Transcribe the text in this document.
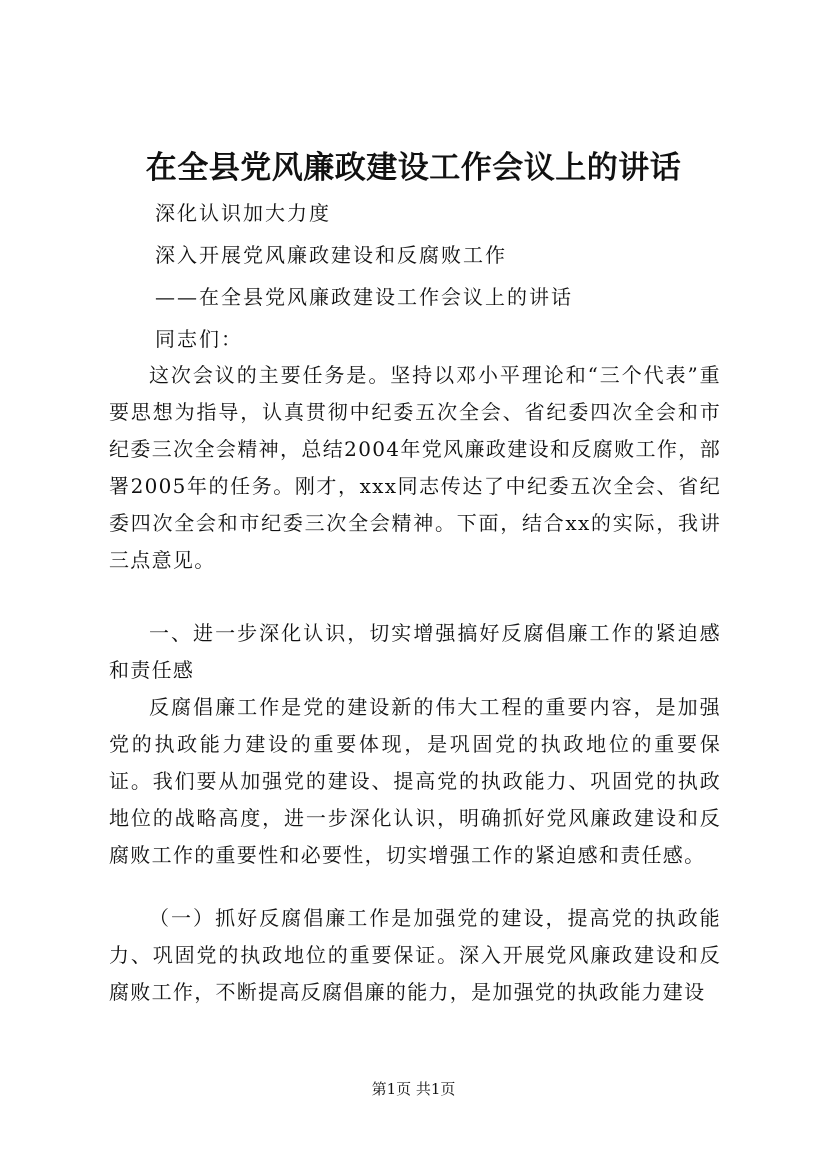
在全县党风廉政建设工作会议上的讲话
深化认识加大力度
深入开展党风廉政建设和反腐败工作
——在全县党风廉政建设工作会议上的讲话
同志们：

这次会议的主要任务是。坚持以邓小平理论和“三个代表”重要思想为指导，认真贯彻中纪委五次全会、省纪委四次全会和市纪委三次全会精神，总结2004年党风廉政建设和反腐败工作，部署2005年的任务。刚才，xxx同志传达了中纪委五次全会、省纪委四次全会和市纪委三次全会精神。下面，结合xx的实际，我讲三点意见。

一、进一步深化认识，切实增强搞好反腐倡廉工作的紧迫感和责任感

反腐倡廉工作是党的建设新的伟大工程的重要内容，是加强党的执政能力建设的重要体现，是巩固党的执政地位的重要保证。我们要从加强党的建设、提高党的执政能力、巩固党的执政地位的战略高度，进一步深化认识，明确抓好党风廉政建设和反腐败工作的重要性和必要性，切实增强工作的紧迫感和责任感。

（一）抓好反腐倡廉工作是加强党的建设，提高党的执政能力、巩固党的执政地位的重要保证。深入开展党风廉政建设和反腐败工作，不断提高反腐倡廉的能力，是加强党的执政能力建设

第1页 共1页
